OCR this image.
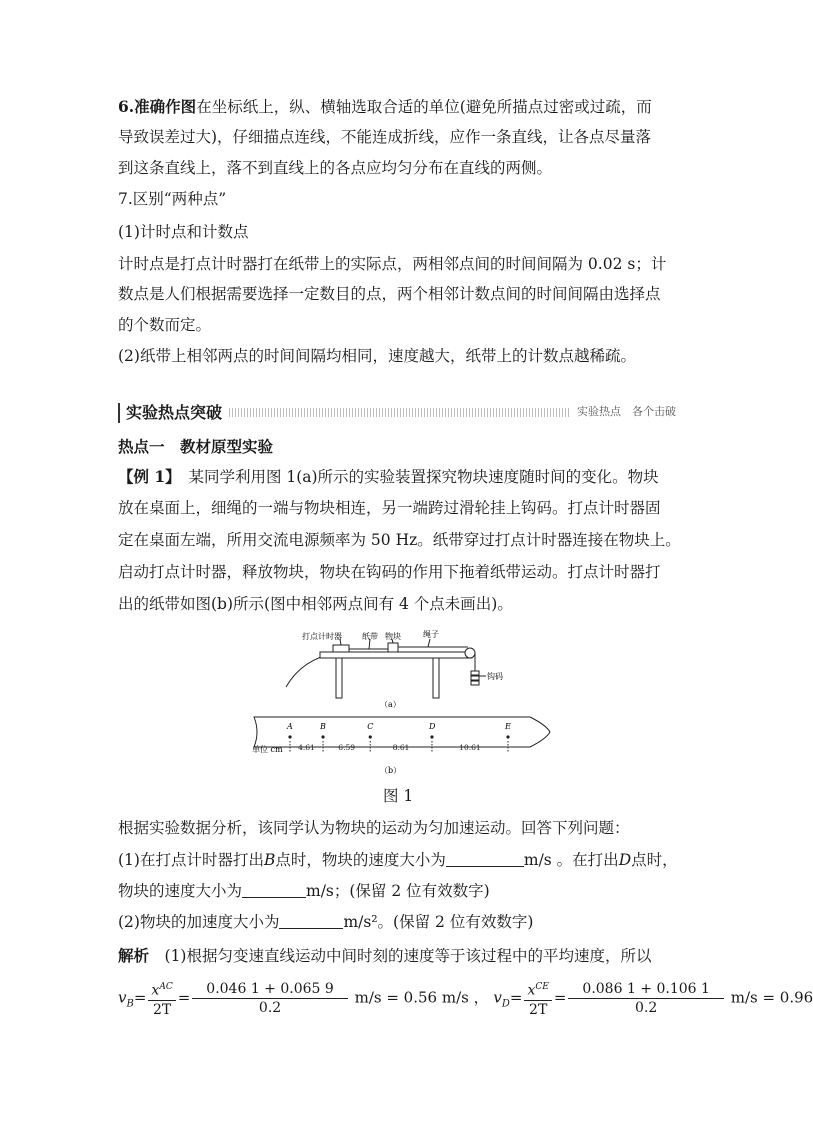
6.准确作图在坐标纸上，纵、横轴选取合适的单位(避免所描点过密或过疏，而
导致误差过大)，仔细描点连线，不能连成折线，应作一条直线，让各点尽量落
到这条直线上，落不到直线上的各点应均匀分布在直线的两侧。
7.区别“两种点”
(1)计时点和计数点
计时点是打点计时器打在纸带上的实际点，两相邻点间的时间间隔为 0.02 s；计
数点是人们根据需要选择一定数目的点，两个相邻计数点间的时间间隔由选择点
的个数而定。
(2)纸带上相邻两点的时间间隔均相同，速度越大，纸带上的计数点越稀疏。
实验热点突破	实验热点　各个击破
热点一　教材原型实验
【例 1】　某同学利用图 1(a)所示的实验装置探究物块速度随时间的变化。物块
放在桌面上，细绳的一端与物块相连，另一端跨过滑轮挂上钩码。打点计时器固
定在桌面左端，所用交流电源频率为 50 Hz。纸带穿过打点计时器连接在物块上。
启动打点计时器，释放物块，物块在钩码的作用下拖着纸带运动。打点计时器打
出的纸带如图(b)所示(图中相邻两点间有 4 个点未画出)。
打点计时器	纸带 物块	绳子
钩码
（a）
A	B	C	D	E
4.61	6.59	8.61	10.61
单位 cm
（b）
图 1
根据实验数据分析，该同学认为物块的运动为匀加速运动。回答下列问题：
(1)在打点计时器打出B点时，物块的速度大小为	m/s 。在打出D点时，
物块的速度大小为	m/s；(保留 2 位有效数字)
(2)物块的加速度大小为	m/s²。(保留 2 位有效数字)
解析　(1)根据匀变速直线运动中间时刻的速度等于该过程中的平均速度，所以
$v_B= \frac{x^{AC}}{2T} = \frac{0.046 1 + 0.065 9}{0.2} m/s = 0.56$ m/s ， $v_D= \frac{x^{CE}}{2T} = \frac{0.086 1 + 0.106 1}{0.2} m/s = 0.96$
